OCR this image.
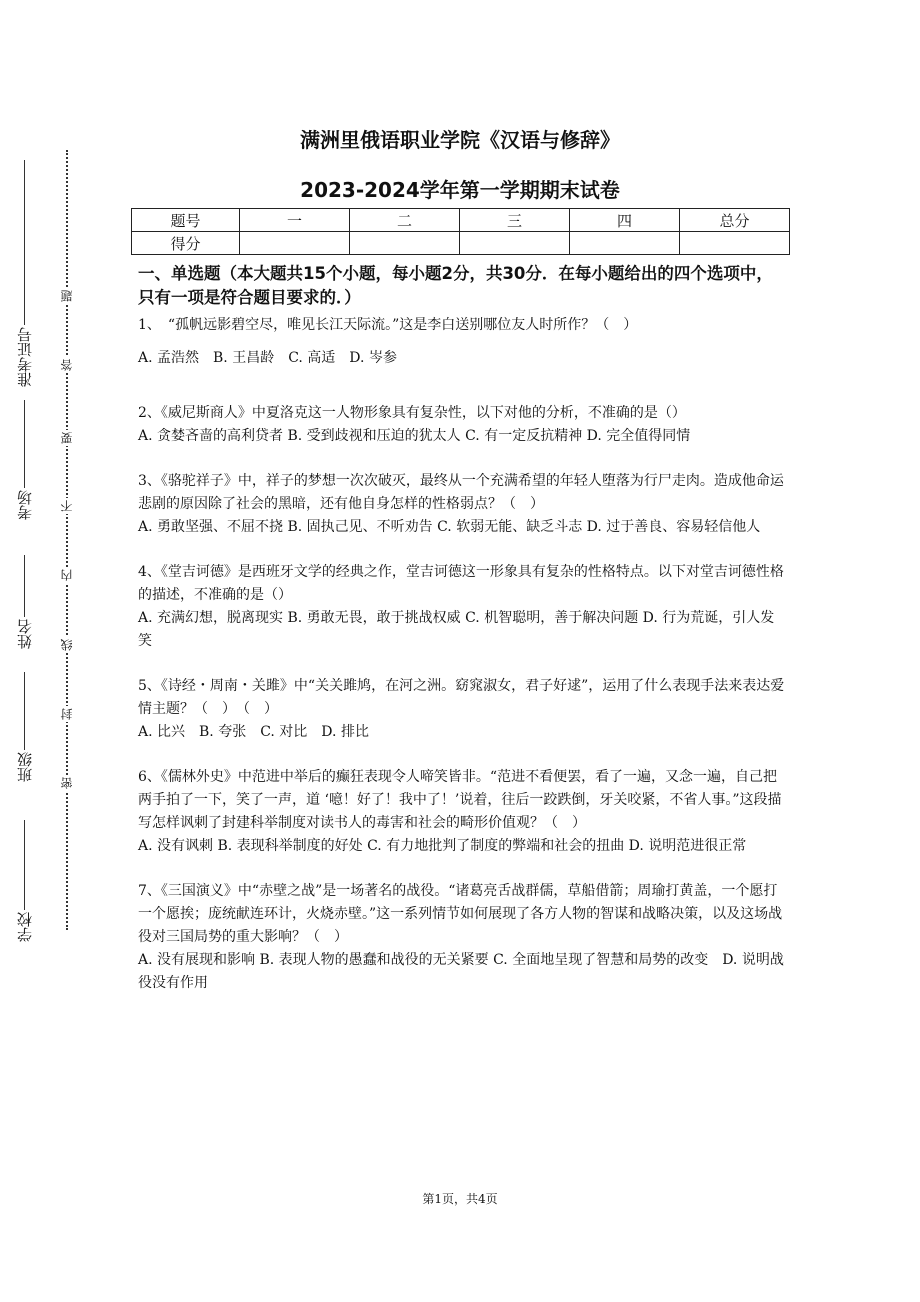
准考证号
考场
姓名
班级
学校
题
答
要
不
内
线
封
密
满洲里俄语职业学院《汉语与修辞》
2023-2024学年第一学期期末试卷
题号	一	二	三	四	总分
得分					

一、单选题（本大题共15个小题，每小题2分，共30分．在每小题给出的四个选项中，只有一项是符合题目要求的．）

1、　“孤帆远影碧空尽，唯见长江天际流。”这是李白送别哪位友人时所作？（　）

A. 孟浩然　B. 王昌龄　C. 高适　D. 岑参

2、《威尼斯商人》中夏洛克这一人物形象具有复杂性，以下对他的分析，不准确的是（）

A. 贪婪吝啬的高利贷者 B. 受到歧视和压迫的犹太人 C. 有一定反抗精神 D. 完全值得同情

3、《骆驼祥子》中，祥子的梦想一次次破灭，最终从一个充满希望的年轻人堕落为行尸走肉。造成他命运悲剧的原因除了社会的黑暗，还有他自身怎样的性格弱点？（　）

A. 勇敢坚强、不屈不挠 B. 固执己见、不听劝告 C. 软弱无能、缺乏斗志 D. 过于善良、容易轻信他人

4、《堂吉诃德》是西班牙文学的经典之作，堂吉诃德这一形象具有复杂的性格特点。以下对堂吉诃德性格的描述，不准确的是（）

A. 充满幻想，脱离现实 B. 勇敢无畏，敢于挑战权威 C. 机智聪明，善于解决问题 D. 行为荒诞，引人发笑

5、《诗经・周南・关雎》中“关关雎鸠，在河之洲。窈窕淑女，君子好逑”，运用了什么表现手法来表达爱情主题？（　）　（　）

A. 比兴　B. 夸张　C. 对比　D. 排比

6、《儒林外史》中范进中举后的癫狂表现令人啼笑皆非。“范进不看便罢，看了一遍，又念一遍，自己把两手拍了一下，笑了一声，道 ‘噫！好了！我中了！’说着，往后一跤跌倒，牙关咬紧，不省人事。”这段描写怎样讽刺了封建科举制度对读书人的毒害和社会的畸形价值观？（　）

A. 没有讽刺 B. 表现科举制度的好处 C. 有力地批判了制度的弊端和社会的扭曲 D. 说明范进很正常

7、《三国演义》中“赤壁之战”是一场著名的战役。“诸葛亮舌战群儒，草船借箭；周瑜打黄盖，一个愿打一个愿挨；庞统献连环计，火烧赤壁。”这一系列情节如何展现了各方人物的智谋和战略决策，以及这场战役对三国局势的重大影响？（　）

A. 没有展现和影响 B. 表现人物的愚蠢和战役的无关紧要 C. 全面地呈现了智慧和局势的改变　D. 说明战役没有作用

第1页，共4页
